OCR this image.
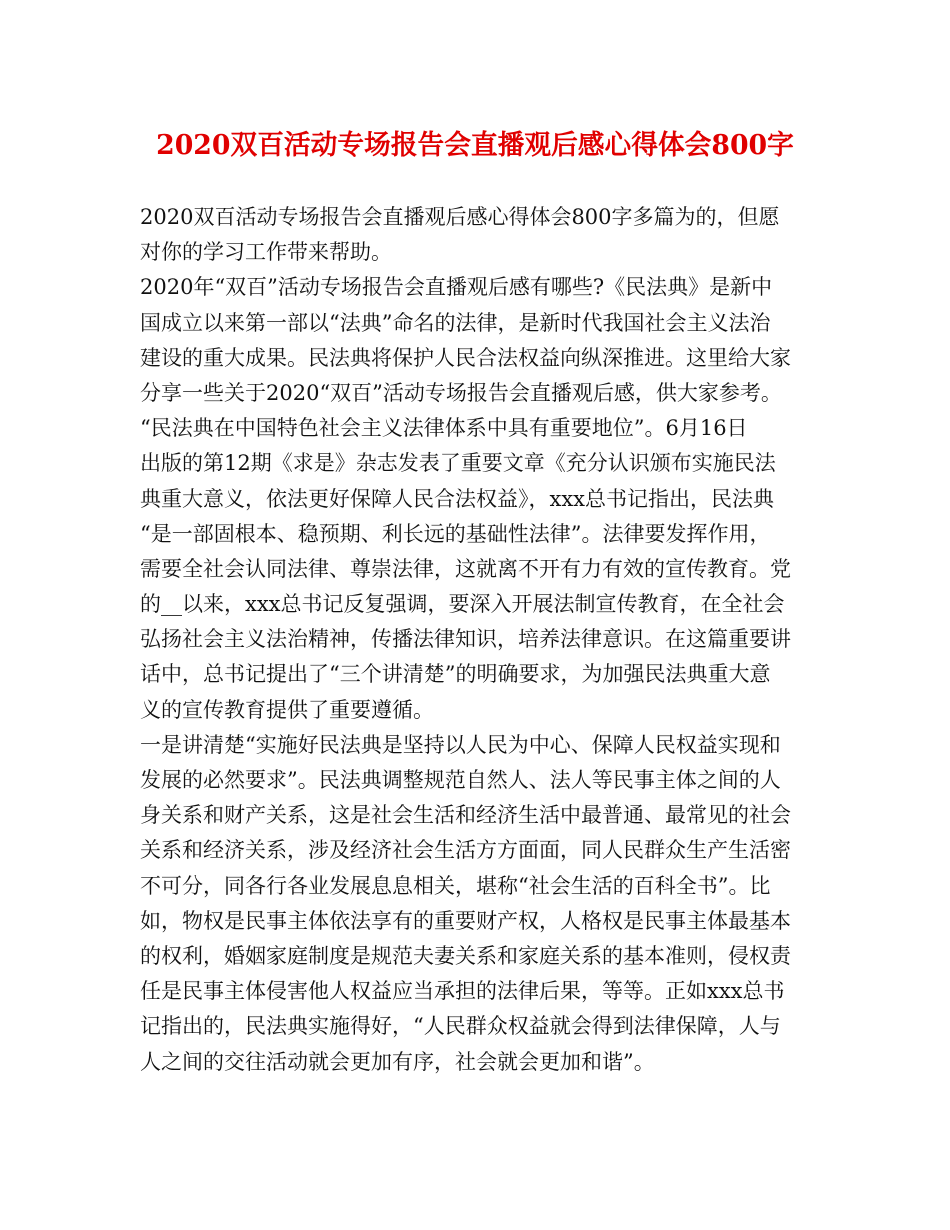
2020双百活动专场报告会直播观后感心得体会800字
2020双百活动专场报告会直播观后感心得体会800字多篇为的，但愿
对你的学习工作带来帮助。
2020年“双百”活动专场报告会直播观后感有哪些?《民法典》是新中
国成立以来第一部以“法典”命名的法律，是新时代我国社会主义法治
建设的重大成果。民法典将保护人民合法权益向纵深推进。这里给大家
分享一些关于2020“双百”活动专场报告会直播观后感，供大家参考。
“民法典在中国特色社会主义法律体系中具有重要地位”。6月16日
出版的第12期《求是》杂志发表了重要文章《充分认识颁布实施民法
典重大意义，依法更好保障人民合法权益》，xxx总书记指出，民法典
“是一部固根本、稳预期、利长远的基础性法律”。法律要发挥作用，
需要全社会认同法律、尊崇法律，这就离不开有力有效的宣传教育。党
的__以来，xxx总书记反复强调，要深入开展法制宣传教育，在全社会
弘扬社会主义法治精神，传播法律知识，培养法律意识。在这篇重要讲
话中，总书记提出了“三个讲清楚”的明确要求，为加强民法典重大意
义的宣传教育提供了重要遵循。
一是讲清楚“实施好民法典是坚持以人民为中心、保障人民权益实现和
发展的必然要求”。民法典调整规范自然人、法人等民事主体之间的人
身关系和财产关系，这是社会生活和经济生活中最普通、最常见的社会
关系和经济关系，涉及经济社会生活方方面面，同人民群众生产生活密
不可分，同各行各业发展息息相关，堪称“社会生活的百科全书”。比
如，物权是民事主体依法享有的重要财产权，人格权是民事主体最基本
的权利，婚姻家庭制度是规范夫妻关系和家庭关系的基本准则，侵权责
任是民事主体侵害他人权益应当承担的法律后果，等等。正如xxx总书
记指出的，民法典实施得好，“人民群众权益就会得到法律保障，人与
人之间的交往活动就会更加有序，社会就会更加和谐”。
